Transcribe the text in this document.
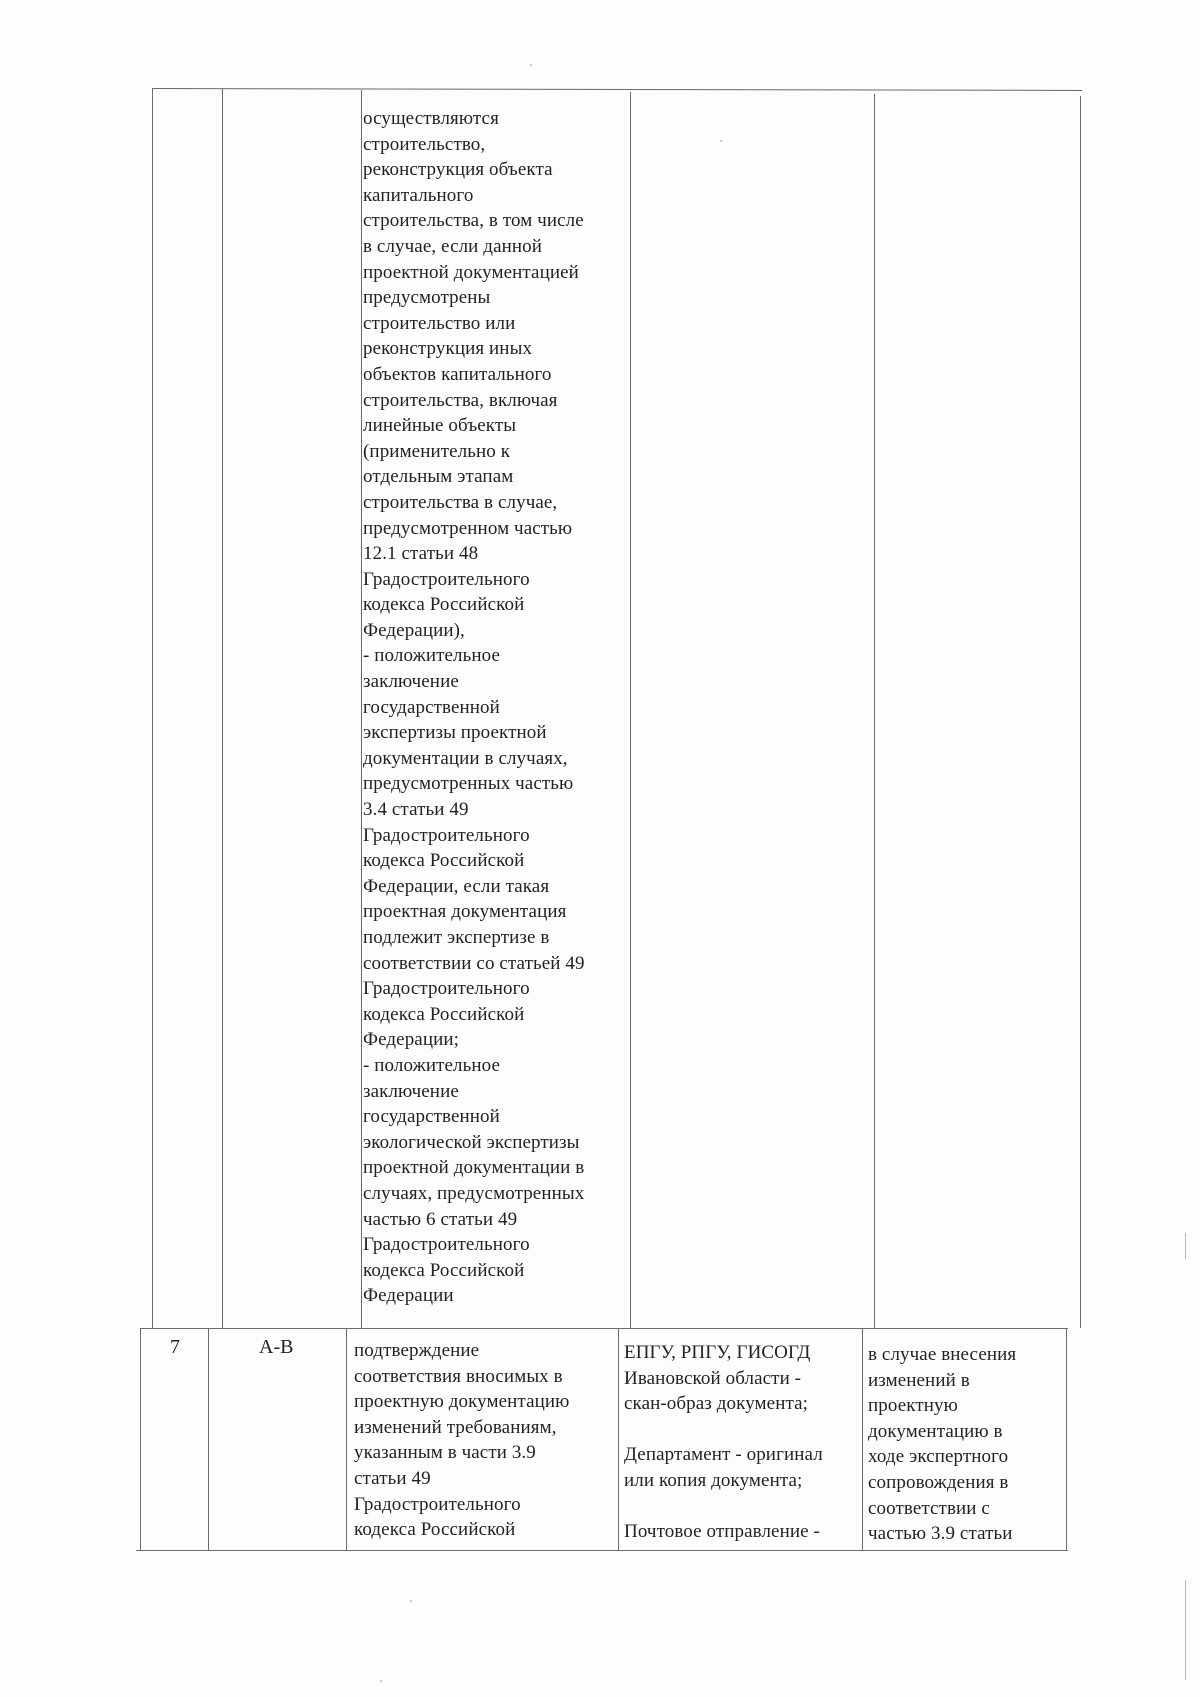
осуществляются
строительство,
реконструкция объекта
капитального
строительства, в том числе
в случае, если данной
проектной документацией
предусмотрены
строительство или
реконструкция иных
объектов капитального
строительства, включая
линейные объекты
(применительно к
отдельным этапам
строительства в случае,
предусмотренном частью
12.1 статьи 48
Градостроительного
кодекса Российской
Федерации),
- положительное
заключение
государственной
экспертизы проектной
документации в случаях,
предусмотренных частью
3.4 статьи 49
Градостроительного
кодекса Российской
Федерации, если такая
проектная документация
подлежит экспертизе в
соответствии со статьей 49
Градостроительного
кодекса Российской
Федерации;
- положительное
заключение
государственной
экологической экспертизы
проектной документации в
случаях, предусмотренных
частью 6 статьи 49
Градостроительного
кодекса Российской
Федерации
7	А-В	подтверждение
соответствия вносимых в
проектную документацию
изменений требованиям,
указанным в части 3.9
статьи 49
Градостроительного
кодекса Российской
ЕПГУ, РПГУ, ГИСОГД
Ивановской области -
скан-образ документа;

Департамент - оригинал
или копия документа;

Почтовое отправление -
в случае внесения
изменений в
проектную
документацию в
ходе экспертного
сопровождения в
соответствии с
частью 3.9 статьи
